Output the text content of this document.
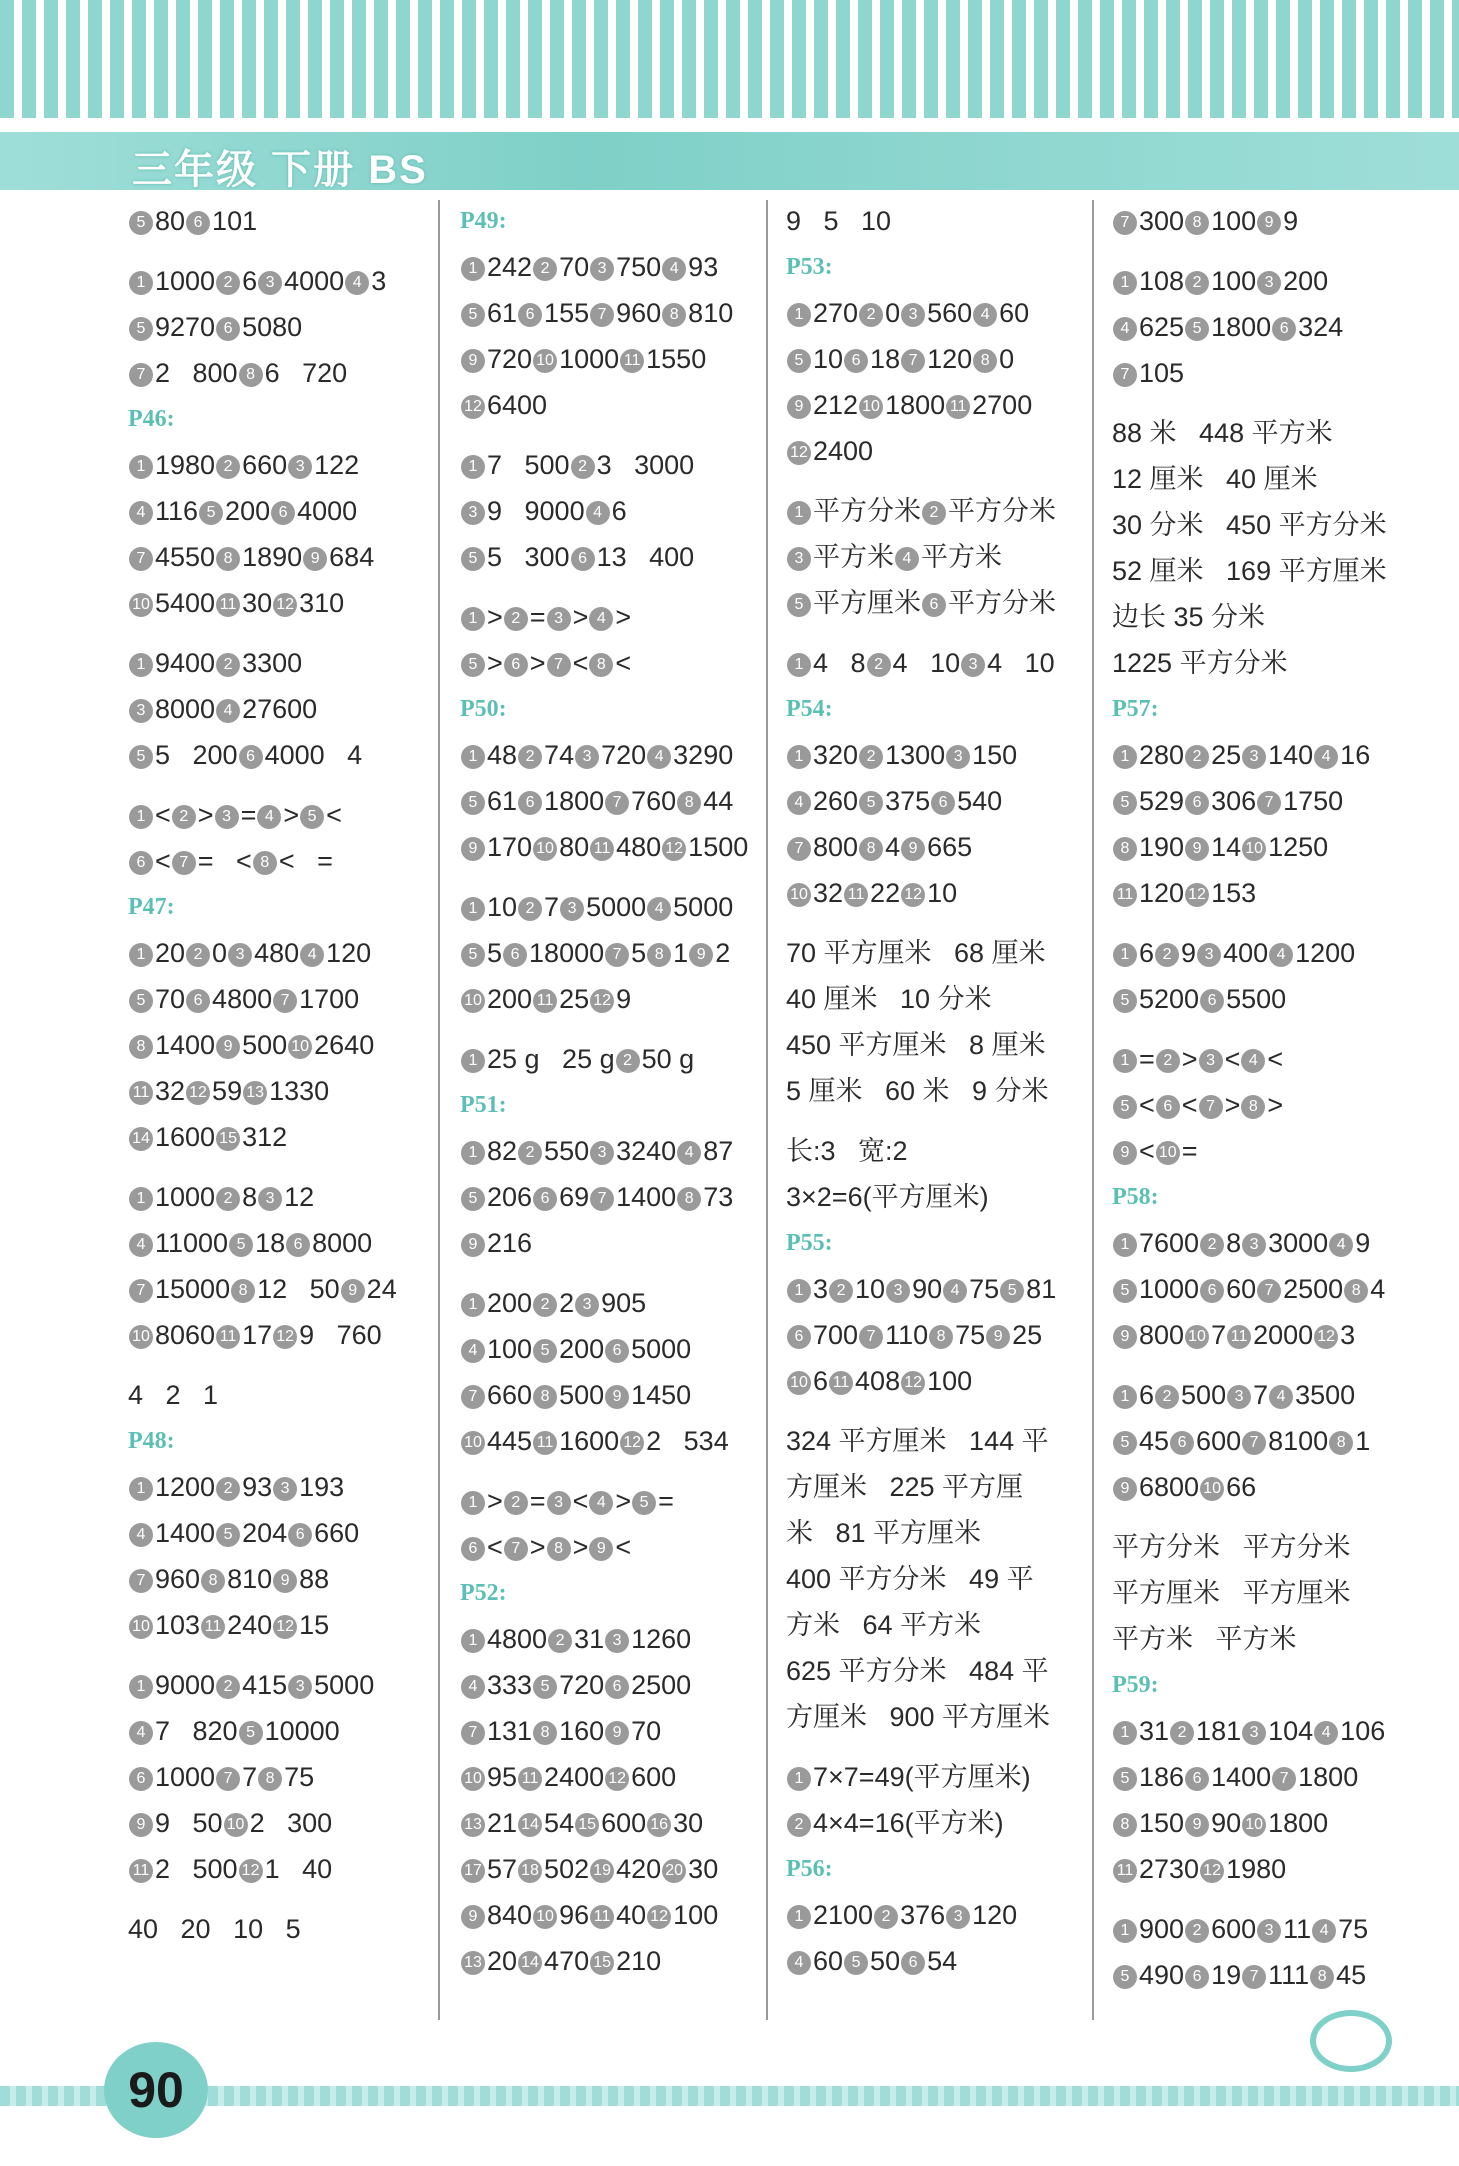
三年级 下册 BS
5 80 6 101
1 1000 2 6 3 4000 4 3
5 9270 6 5080
7 2   800 8 6   720
P46:
1 1980 2 660 3 122
4 116 5 200 6 4000
7 4550 8 1890 9 684
10 5400 11 30 12 310
1 9400 2 3300
3 8000 4 27600
5 5   200 6 4000   4
1 < 2 > 3 = 4 > 5 <
6 < 7 =   < 8 <   =
P47:
1 20 2 0 3 480 4 120
5 70 6 4800 7 1700
8 1400 9 500 10 2640
11 32 12 59 13 1330
14 1600 15 312
1 1000 2 8 3 12
4 11000 5 18 6 8000
7 15000 8 12   50 9 24
10 8060 11 17 12 9   760
4   2   1
P48:
1 1200 2 93 3 193
4 1400 5 204 6 660
7 960 8 810 9 88
10 103 11 240 12 15
1 9000 2 415 3 5000
4 7   820 5 10000
6 1000 7 7 8 75
9 9   50 10 2   300
11 2   500 12 1   40
40   20   10   5
P49:
1 242 2 70 3 750 4 93
5 61 6 155 7 960 8 810
9 720 10 1000 11 1550
12 6400
1 7   500 2 3   3000
3 9   9000 4 6
5 5   300 6 13   400
1 > 2 = 3 > 4 >
5 > 6 > 7 < 8 <
P50:
1 48 2 74 3 720 4 3290
5 61 6 1800 7 760 8 44
9 170 10 80 11 480 12 1500
1 10 2 7 3 5000 4 5000
5 5 6 18000 7 5 8 1 9 2
10 200 11 25 12 9
1 25 g   25 g 2 50 g
P51:
1 82 2 550 3 3240 4 87
5 206 6 69 7 1400 8 73
9 216
1 200 2 2 3 905
4 100 5 200 6 5000
7 660 8 500 9 1450
10 445 11 1600 12 2   534
1 > 2 = 3 < 4 > 5 =
6 < 7 > 8 > 9 <
P52:
1 4800 2 31 3 1260
4 333 5 720 6 2500
7 131 8 160 9 70
10 95 11 2400 12 600
13 21 14 54 15 600 16 30
17 57 18 502 19 420 20 30
9 840 10 96 11 40 12 100
13 20 14 470 15 210
9   5   10
P53:
1 270 2 0 3 560 4 60
5 10 6 18 7 120 8 0
9 212 10 1800 11 2700
12 2400
1 平方分米 2 平方分米
3 平方米 4 平方米
5 平方厘米 6 平方分米
1 4   8 2 4   10 3 4   10
P54:
1 320 2 1300 3 150
4 260 5 375 6 540
7 800 8 4 9 665
10 32 11 22 12 10
70 平方厘米   68 厘米
40 厘米   10 分米
450 平方厘米   8 厘米
5 厘米   60 米   9 分米
长:3   宽:2
3×2=6(平方厘米)
P55:
1 3 2 10 3 90 4 75 5 81
6 700 7 110 8 75 9 25
10 6 11 408 12 100
324 平方厘米   144 平
方厘米   225 平方厘
米   81 平方厘米
400 平方分米   49 平
方米   64 平方米
625 平方分米   484 平
方厘米   900 平方厘米
1 7×7=49(平方厘米)
2 4×4=16(平方米)
P56:
1 2100 2 376 3 120
4 60 5 50 6 54
7 300 8 100 9 9
1 108 2 100 3 200
4 625 5 1800 6 324
7 105
88 米   448 平方米
12 厘米   40 厘米
30 分米   450 平方分米
52 厘米   169 平方厘米
边长 35 分米
1225 平方分米
P57:
1 280 2 25 3 140 4 16
5 529 6 306 7 1750
8 190 9 14 10 1250
11 120 12 153
1 6 2 9 3 400 4 1200
5 5200 6 5500
1 = 2 > 3 < 4 <
5 < 6 < 7 > 8 >
9 < 10 =
P58:
1 7600 2 8 3 3000 4 9
5 1000 6 60 7 2500 8 4
9 800 10 7 11 2000 12 3
1 6 2 500 3 7 4 3500
5 45 6 600 7 8100 8 1
9 6800 10 66
平方分米   平方分米
平方厘米   平方厘米
平方米   平方米
P59:
1 31 2 181 3 104 4 106
5 186 6 1400 7 1800
8 150 9 90 10 1800
11 2730 12 1980
1 900 2 600 3 11 4 75
5 490 6 19 7 111 8 45
90
